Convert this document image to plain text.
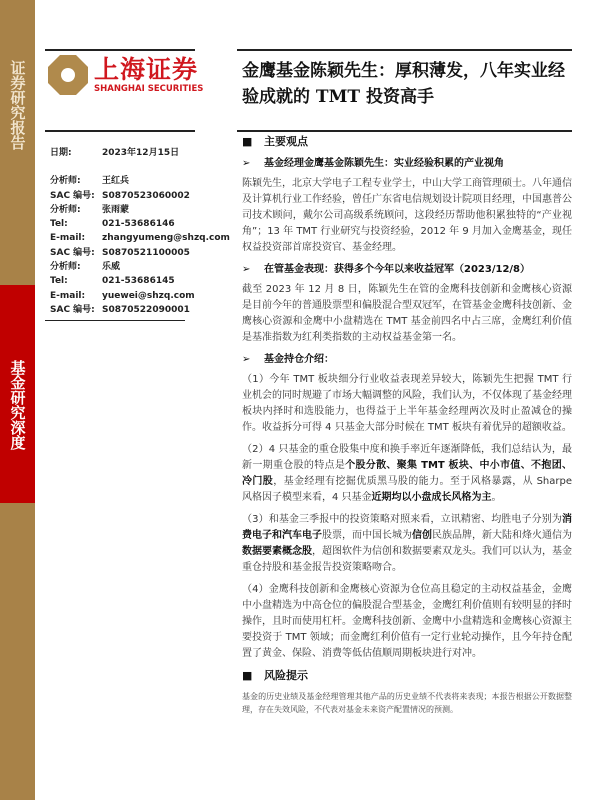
证券研究报告
基金研究深度
上海证券
SHANGHAI SECURITIES
金鹰基金陈颖先生：厚积薄发，八年实业经验成就的 TMT 投资高手
日期:	2023年12月15日
分析师:	王红兵
SAC 编号: S0870523060002
分析师:	张雨蒙
Tel:	021-53686146
E-mail:	zhangyumeng@shzq.com
SAC 编号: S0870521100005
分析师:	乐威
Tel:	021-53686145
E-mail:	yuewei@shzq.com
SAC 编号: S0870522090001
■	主要观点
➢	基金经理金鹰基金陈颖先生：实业经验积累的产业视角

陈颖先生，北京大学电子工程专业学士，中山大学工商管理硕士。八年通信及计算机行业工作经验，曾任广东省电信规划设计院项目经理，中国惠普公司技术顾问，戴尔公司高级系统顾问，这段经历帮助他积累独特的“产业视角”；13 年 TMT 行业研究与投资经验，2012 年 9 月加入金鹰基金，现任权益投资部首席投资官、基金经理。

➢	在管基金表现：获得多个今年以来收益冠军（2023/12/8）

截至 2023 年 12 月 8 日，陈颖先生在管的金鹰科技创新和金鹰核心资源是目前今年的普通股票型和偏股混合型双冠军，在管基金金鹰科技创新、金鹰核心资源和金鹰中小盘精选在 TMT 基金前四名中占三席，金鹰红利价值是基准指数为红利类指数的主动权益基金第一名。

➢	基金持仓介绍：

（1）今年 TMT 板块细分行业收益表现差异较大，陈颖先生把握 TMT 行业机会的同时规避了市场大幅调整的风险，我们认为，不仅体现了基金经理板块内择时和选股能力，也得益于上半年基金经理两次及时止盈减仓的操作。收益拆分可得 4 只基金大部分时候在 TMT 板块有着优异的超额收益。

（2）4 只基金的重仓股集中度和换手率近年逐渐降低，我们总结认为，最新一期重仓股的特点是个股分散、聚集 TMT 板块、中小市值、不抱团、冷门股，基金经理有挖掘优质黑马股的能力。至于风格暴露，从 Sharpe 风格因子模型来看，4 只基金近期均以小盘成长风格为主。

（3）和基金三季报中的投资策略对照来看，立讯精密、均胜电子分别为消费电子和汽车电子股票，而中国长城为信创民族品牌，新大陆和烽火通信为数据要素概念股，超图软件为信创和数据要素双龙头。我们可以认为，基金重仓持股和基金报告投资策略吻合。

（4）金鹰科技创新和金鹰核心资源为仓位高且稳定的主动权益基金，金鹰中小盘精选为中高仓位的偏股混合型基金，金鹰红利价值则有较明显的择时操作，且时而使用杠杆。金鹰科技创新、金鹰中小盘精选和金鹰核心资源主要投资于 TMT 领域；而金鹰红利价值有一定行业轮动操作，且今年持仓配置了黄金、保险、消费等低估值顺周期板块进行对冲。

■	风险提示

基金的历史业绩及基金经理管理其他产品的历史业绩不代表将来表现；本报告根据公开数据整理，存在失效风险，不代表对基金未来资产配置情况的预测。
